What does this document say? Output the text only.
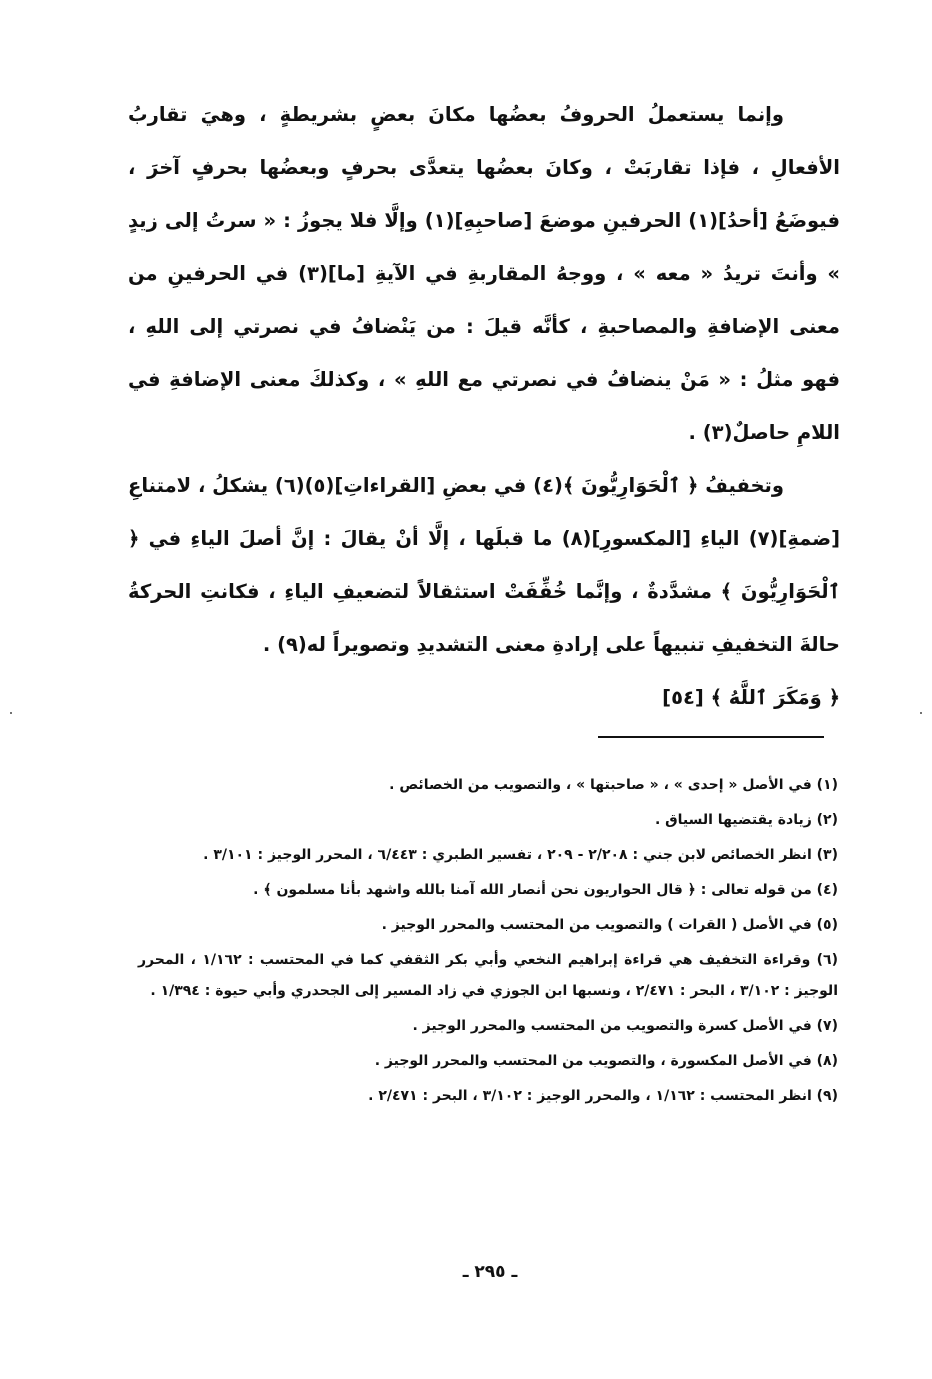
وإنما يستعملُ الحروفُ بعضُها مكانَ بعضٍ بشريطةٍ ، وهيَ تقاربُ الأفعالِ ، فإذا تقاربَتْ ، وكانَ بعضُها يتعدَّى بحرفٍ وبعضُها بحرفٍ آخرَ ، فيوضَعُ [أحدُ](١) الحرفينِ موضعَ [صاحبِهِ](١) وإلَّا فلا يجوزُ : « سرتُ إلى زيدٍ » وأنتَ تريدُ « معه » ، ووجهُ المقاربةِ في الآيةِ [ما](٣) في الحرفينِ من معنى الإضافةِ والمصاحبةِ ، كأنَّه قيلَ : من يَنْضافُ في نصرتي إلى اللهِ ، فهو مثلُ : « مَنْ ينضافُ في نصرتي مع اللهِ » ، وكذلكَ معنى الإضافةِ في اللامِ حاصلٌ(٣) .

وتخفيفُ ﴿ ٱلْحَوَارِيُّونَ ﴾(٤) في بعضِ [القراءاتِ](٥)(٦) يشكلُ ، لامتناعِ [ضمةِ](٧) الياءِ [المكسورِ](٨) ما قبلَها ، إلَّا أنْ يقالَ : إنَّ أصلَ الياءِ في ﴿ ٱلْحَوَارِيُّونَ ﴾ مشدَّدةٌ ، وإنَّما خُفِّفَتْ استثقالاً لتضعيفِ الياءِ ، فكانتِ الحركةُ حالةَ التخفيفِ تنبيهاً على إرادةِ معنى التشديدِ وتصويراً له(٩) .

﴿ وَمَكَرَ ٱللَّهُ ﴾ [٥٤]

(١) في الأصل « إحدى » ، « صاحبتها » ، والتصويب من الخصائص .

(٢) زيادة يقتضيها السياق .

(٣) انظر الخصائص لابن جني : ٢/٢٠٨ - ٢٠٩ ، تفسير الطبري : ٦/٤٤٣ ، المحرر الوجيز : ٣/١٠١ .

(٤) من قوله تعالى : ﴿ قال الحواريون نحن أنصار الله آمنا بالله واشهد بأنا مسلمون ﴾ .

(٥) في الأصل ( القرات ) والتصويب من المحتسب والمحرر الوجيز .

(٦) وقراءة التخفيف هي قراءة إبراهيم النخعي وأبي بكر الثقفي كما في المحتسب : ١/١٦٢ ، المحرر الوجيز : ٣/١٠٢ ، البحر : ٢/٤٧١ ، ونسبها ابن الجوزي في زاد المسير إلى الجحدري وأبي حيوة : ١/٣٩٤ .

(٧) في الأصل كسرة والتصويب من المحتسب والمحرر الوجيز .

(٨) في الأصل المكسورة ، والتصويب من المحتسب والمحرر الوجيز .

(٩) انظر المحتسب : ١/١٦٢ ، والمحرر الوجيز : ٣/١٠٢ ، البحر : ٢/٤٧١ .

ـ ٢٩٥ ـ
